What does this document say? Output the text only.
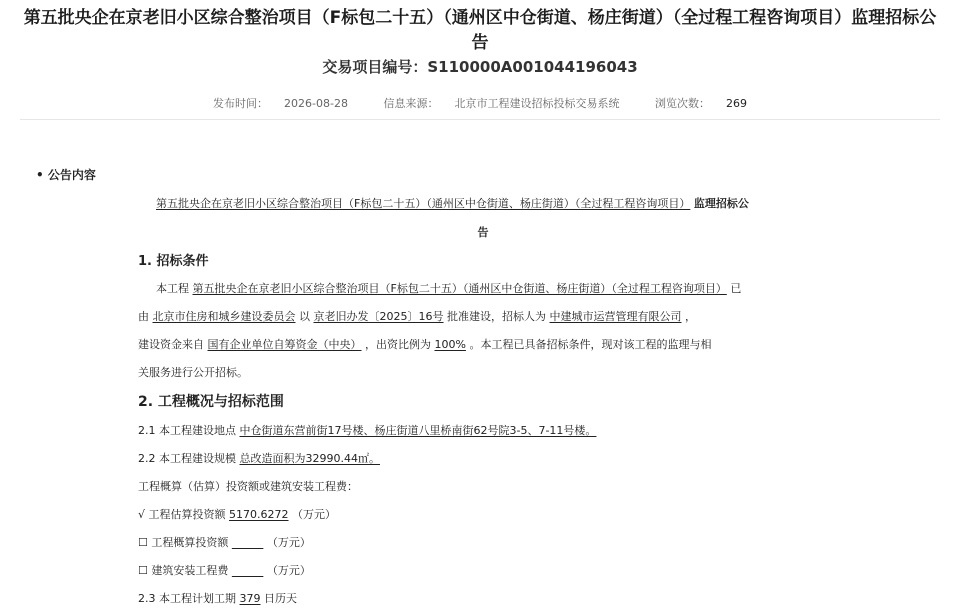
第五批央企在京老旧小区综合整治项目（F标包二十五）（通州区中仓街道、杨庄街道）（全过程工程咨询项目）监理招标公告
交易项目编号：S110000A001044196043
发布时间： 2026-08-28	信息来源： 北京市工程建设招标投标交易系统	浏览次数： 269
• 公告内容
第五批央企在京老旧小区综合整治项目（F标包二十五）（通州区中仓街道、杨庄街道）（全过程工程咨询项目） 监理招标公
告
1. 招标条件
本工程 第五批央企在京老旧小区综合整治项目（F标包二十五）（通州区中仓街道、杨庄街道）（全过程工程咨询项目） 已
由 北京市住房和城乡建设委员会 以 京老旧办发〔2025〕16号 批准建设，招标人为 中建城市运营管理有限公司 ，
建设资金来自 国有企业单位自筹资金（中央） ，出资比例为 100% 。本工程已具备招标条件，现对该工程的监理与相
关服务进行公开招标。
2. 工程概况与招标范围
2.1 本工程建设地点 中仓街道东营前街17号楼、杨庄街道八里桥南街62号院3-5、7-11号楼。
2.2 本工程建设规模 总改造面积为32990.44㎡。
工程概算（估算）投资额或建筑安装工程费：
√ 工程估算投资额 5170.6272 （万元）
☐ 工程概算投资额	（万元）
☐ 建筑安装工程费	（万元）
2.3 本工程计划工期 379 日历天
